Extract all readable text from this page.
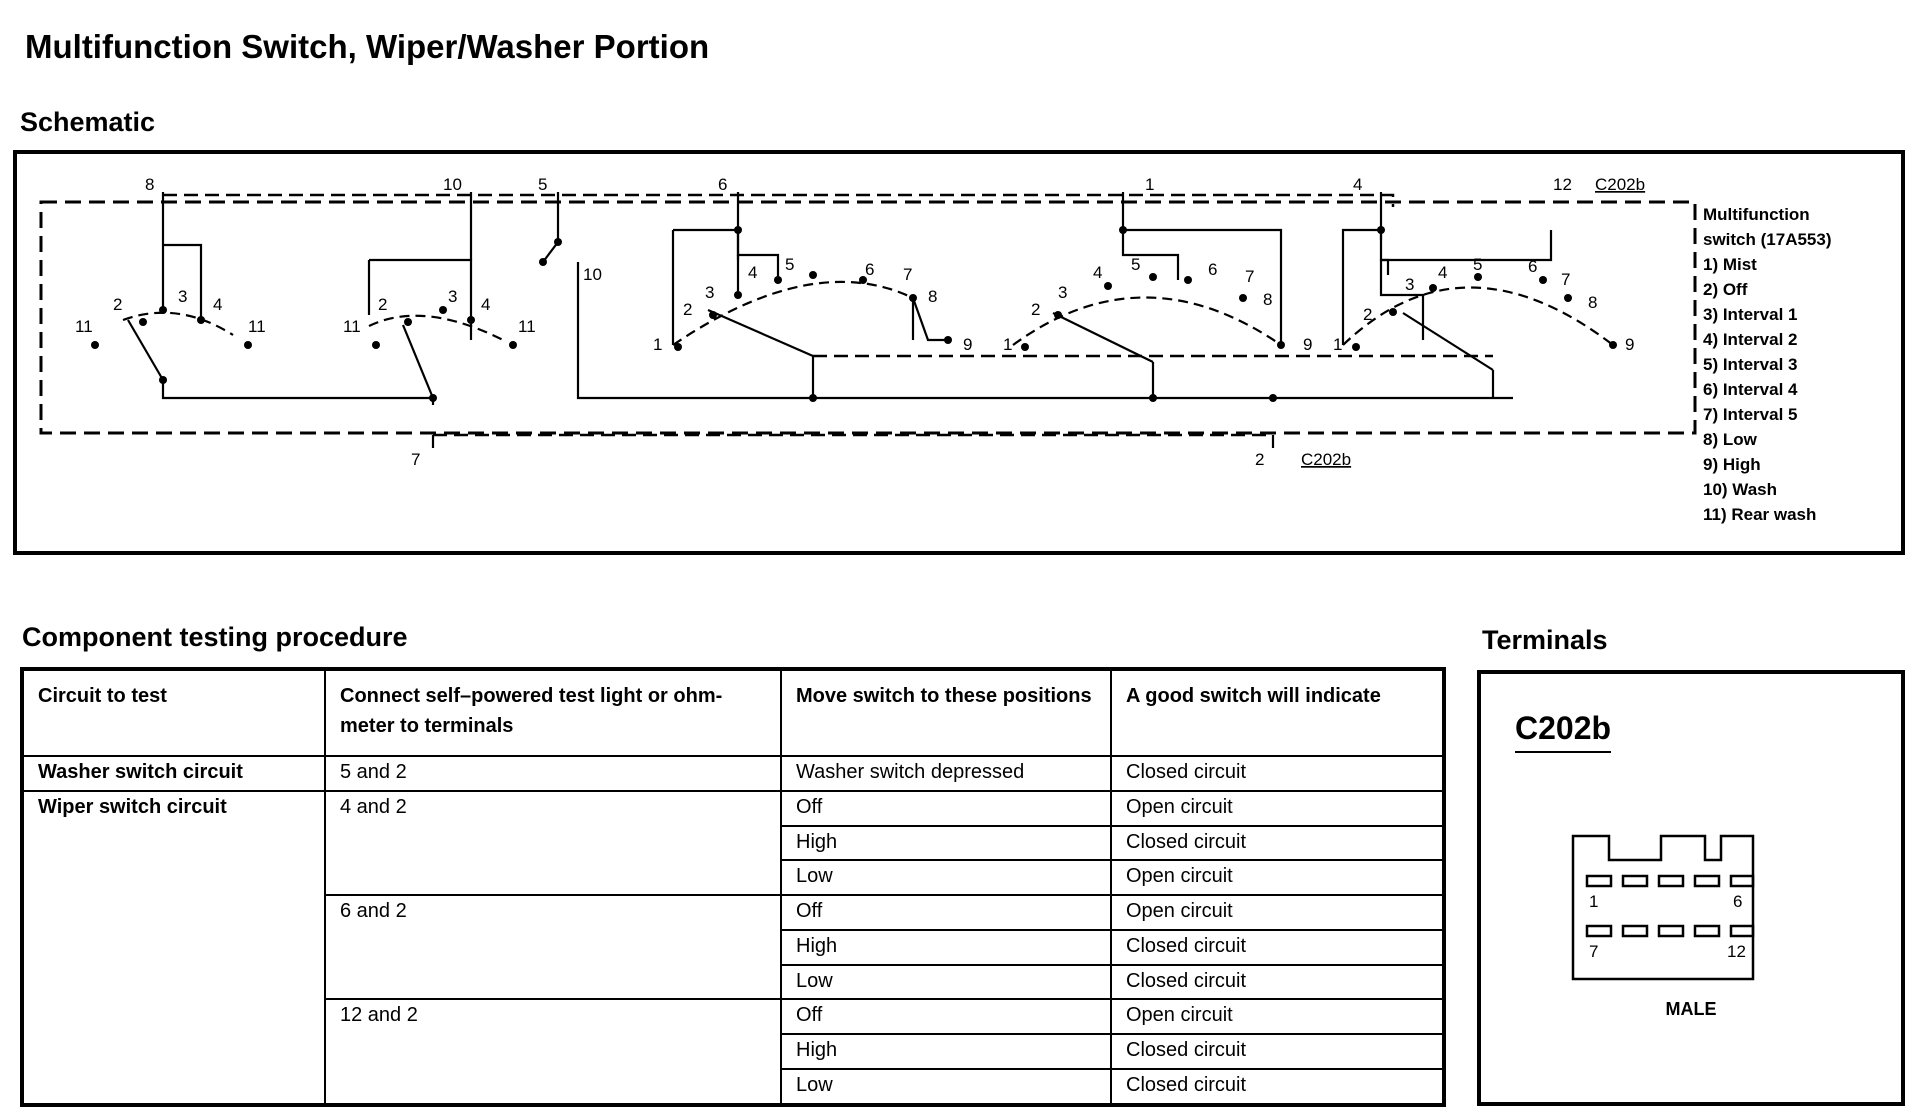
Multifunction Switch, Wiper/Washer Portion
Schematic
11
2	3 4
11	11
2	3 4
11
10
1
2
3
4 5	6 7
8
9 1
2
3
4 5	6 7
8
9 1
2
3
4 5	6
7
8
9
8	10	5	6	1	4	12
7	2
C202b
C202b
Multifunction
switch (17A553)
1) Mist
2) Off
3) Interval 1
4) Interval 2
5) Interval 3
6) Interval 4
7) Interval 5
8) Low
9) High
10) Wash
11) Rear wash
Component testing procedure
Circuit to test	Connect self–powered test light or ohm-meter to terminals	Move switch to these positions	A good switch will indicate
Washer switch circuit	5 and 2	Washer switch depressed	Closed circuit
Wiper switch circuit	4 and 2	Off	Open circuit
		High	Closed circuit
		Low	Open circuit
	6 and 2	Off	Open circuit
		High	Closed circuit
		Low	Closed circuit
	12 and 2	Off	Open circuit
		High	Closed circuit
		Low	Closed circuit
Terminals
C202b
1	6
7	12
MALE
